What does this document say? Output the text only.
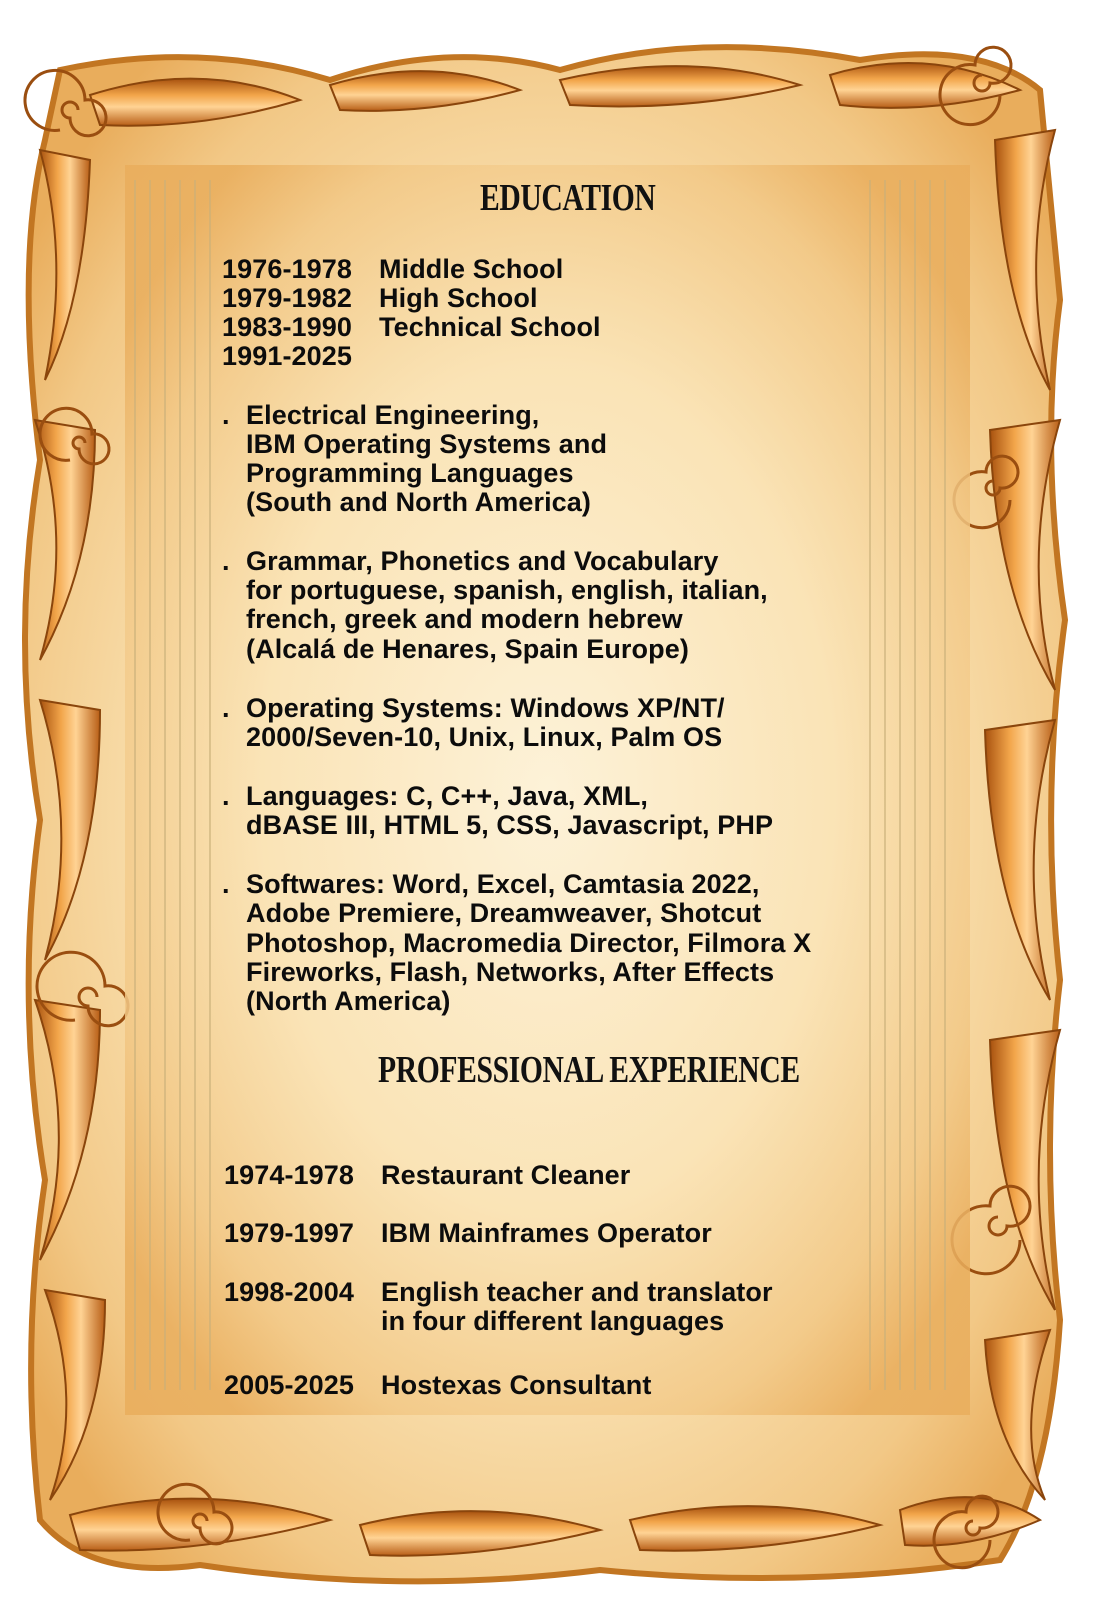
EDUCATION
1976-1978 Middle School
1979-1982 High School
1983-1990 Technical School
1991-2025
. Electrical Engineering,
IBM Operating Systems and
Programming Languages
(South and North America)
. Grammar, Phonetics and Vocabulary
for portuguese, spanish, english, italian,
french, greek and modern hebrew
(Alcalá de Henares, Spain Europe)
. Operating Systems: Windows XP/NT/
2000/Seven-10, Unix, Linux, Palm OS
. Languages: C, C++, Java, XML,
dBASE III, HTML 5, CSS, Javascript, PHP
. Softwares: Word, Excel, Camtasia 2022,
Adobe Premiere, Dreamweaver, Shotcut
Photoshop, Macromedia Director, Filmora X
Fireworks, Flash, Networks, After Effects
(North America)
PROFESSIONAL EXPERIENCE
1974-1978 Restaurant Cleaner
1979-1997 IBM Mainframes Operator
1998-2004 English teacher and translator
in four different languages
2005-2025 Hostexas Consultant
